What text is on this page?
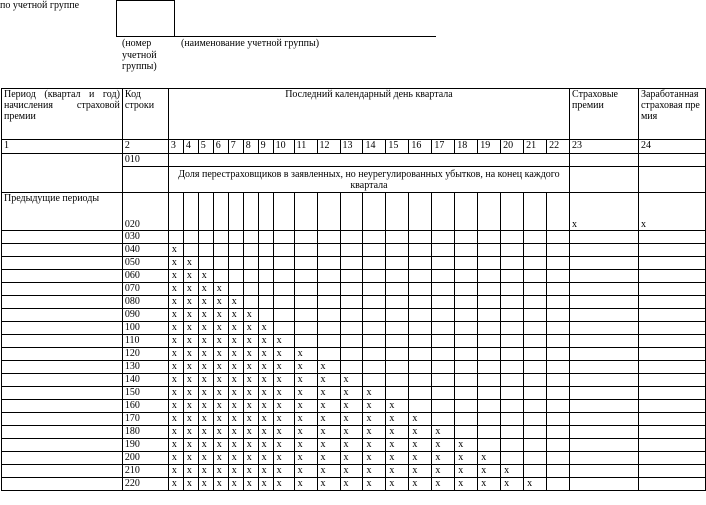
по учетной группе
(номер учетной группы)
(наименование учетной группы)
Период (квартал и год) начисления страховой премии	Код строки	Последний календарный день квартала																				Страховые премии	Заработанная страховая премия
1	2	3	4	5	6	7	8	9	10	11	12	13	14	15	16	17	18	19	20	21	22	23	24
	010																						
		Доля перестраховщиков в заявленных, но неурегулированных убытков, на конец каждого квартала																					
Предыдущие периоды	020																					x	x
	030																						
	040	x																					
	050	x	x																				
	060	x	x	x																			
	070	x	x	x	x																		
	080	x	x	x	x	x																	
	090	x	x	x	x	x	x																
	100	x	x	x	x	x	x	x															
	110	x	x	x	x	x	x	x	x														
	120	x	x	x	x	x	x	x	x	x													
	130	x	x	x	x	x	x	x	x	x	x												
	140	x	x	x	x	x	x	x	x	x	x	x											
	150	x	x	x	x	x	x	x	x	x	x	x	x										
	160	x	x	x	x	x	x	x	x	x	x	x	x	x									
	170	x	x	x	x	x	x	x	x	x	x	x	x	x	x								
	180	x	x	x	x	x	x	x	x	x	x	x	x	x	x	x							
	190	x	x	x	x	x	x	x	x	x	x	x	x	x	x	x	x						
	200	x	x	x	x	x	x	x	x	x	x	x	x	x	x	x	x	x					
	210	x	x	x	x	x	x	x	x	x	x	x	x	x	x	x	x	x	x				
	220	x	x	x	x	x	x	x	x	x	x	x	x	x	x	x	x	x	x	x			
